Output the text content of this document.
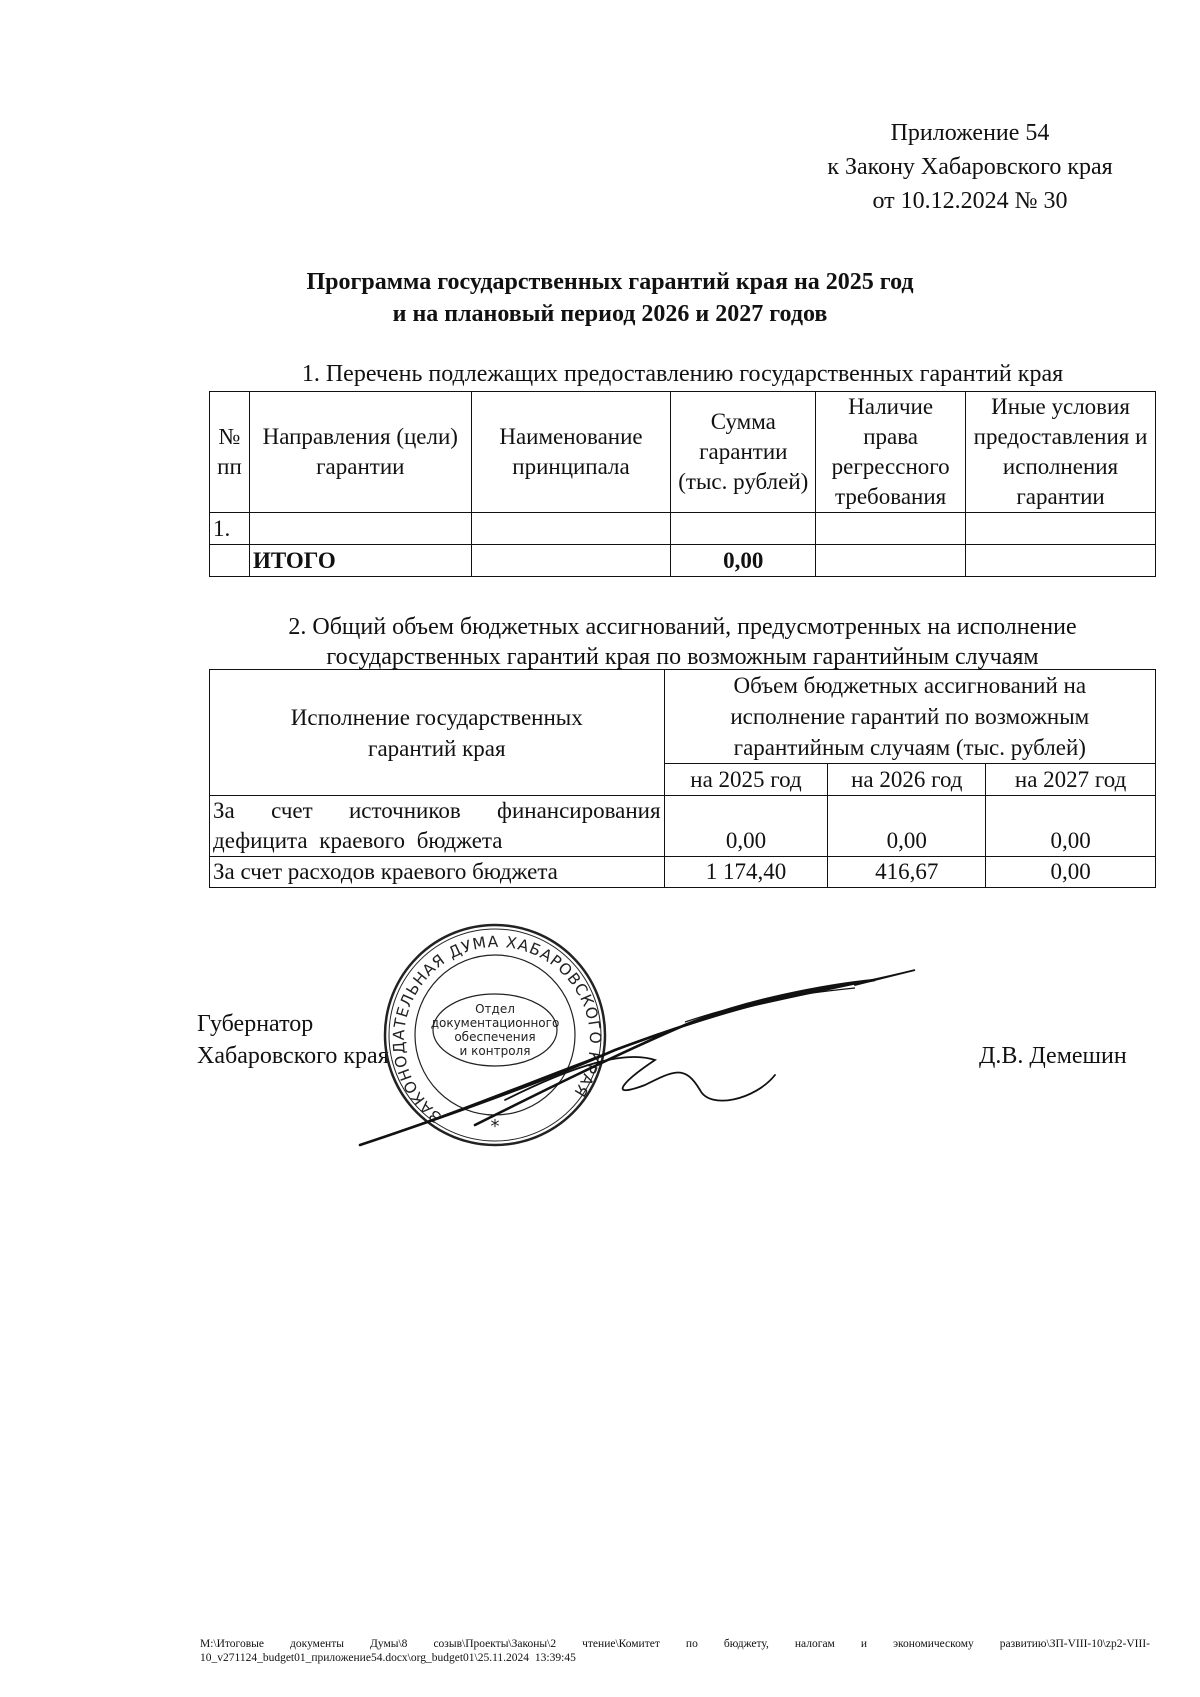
Приложение 54
к Закону Хабаровского края
от 10.12.2024 № 30
Программа государственных гарантий края на 2025 год
и на плановый период 2026 и 2027 годов
1. Перечень подлежащих предоставлению государственных гарантий края
№ пп	Направления (цели) гарантии	Наименование принципала	Сумма гарантии (тыс. рублей)	Наличие права регрессного требования	Иные условия предоставления и исполнения гарантии
1.					
	ИТОГО		0,00		
2. Общий объем бюджетных ассигнований, предусмотренных на исполнение
государственных гарантий края по возможным гарантийным случаям
Исполнение государственных гарантий края	Объем бюджетных ассигнований на исполнение гарантий по возможным гарантийным случаям (тыс. рублей)		
	на 2025 год	на 2026 год	на 2027 год
За счет источников финансирования дефицита краевого бюджета	0,00	0,00	0,00
За счет расходов краевого бюджета	1 174,40	416,67	0,00
Губернатор
Хабаровского края	Д.В. Демешин
ЗАКОНОДАТЕЛЬНАЯ ДУМА ХАБАРОВСКОГО КРАЯ
Отдел
документационного
обеспечения
и контроля
*
M:\Итоговые документы Думы\8 созыв\Проекты\Законы\2 чтение\Комитет по бюджету, налогам и экономическому развитию\ЗП-VIII-10\zp2-VIII-10_v271124_budget01_приложение54.docx\org_budget01\25.11.2024 13:39:45
